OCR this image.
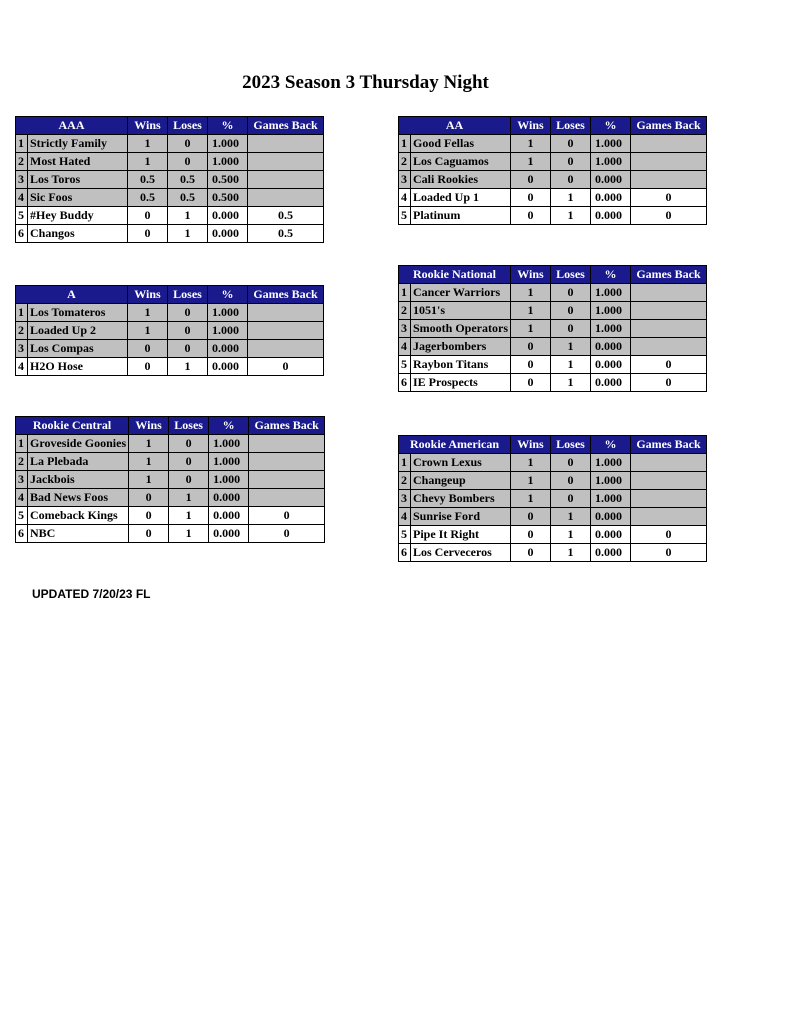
2023 Season 3 Thursday Night
AAA		Wins	Loses	%	Games Back
1	Strictly Family	1	0	1.000	
2	Most Hated	1	0	1.000	
3	Los Toros	0.5	0.5	0.500	
4	Sic Foos	0.5	0.5	0.500	
5	#Hey Buddy	0	1	0.000	0.5
6	Changos	0	1	0.000	0.5
AA		Wins	Loses	%	Games Back
1	Good Fellas	1	0	1.000	
2	Los Caguamos	1	0	1.000	
3	Cali Rookies	0	0	0.000	
4	Loaded Up 1	0	1	0.000	0
5	Platinum	0	1	0.000	0
A		Wins	Loses	%	Games Back
1	Los Tomateros	1	0	1.000	
2	Loaded Up 2	1	0	1.000	
3	Los Compas	0	0	0.000	
4	H2O Hose	0	1	0.000	0
Rookie National		Wins	Loses	%	Games Back
1	Cancer Warriors	1	0	1.000	
2	1051's	1	0	1.000	
3	Smooth Operators	1	0	1.000	
4	Jagerbombers	0	1	0.000	
5	Raybon Titans	0	1	0.000	0
6	IE Prospects	0	1	0.000	0
Rookie Central		Wins	Loses	%	Games Back
1	Groveside Goonies	1	0	1.000	
2	La Plebada	1	0	1.000	
3	Jackbois	1	0	1.000	
4	Bad News Foos	0	1	0.000	
5	Comeback Kings	0	1	0.000	0
6	NBC	0	1	0.000	0
Rookie American		Wins	Loses	%	Games Back
1	Crown Lexus	1	0	1.000	
2	Changeup	1	0	1.000	
3	Chevy Bombers	1	0	1.000	
4	Sunrise Ford	0	1	0.000	
5	Pipe It Right	0	1	0.000	0
6	Los Cerveceros	0	1	0.000	0
UPDATED 7/20/23 FL
